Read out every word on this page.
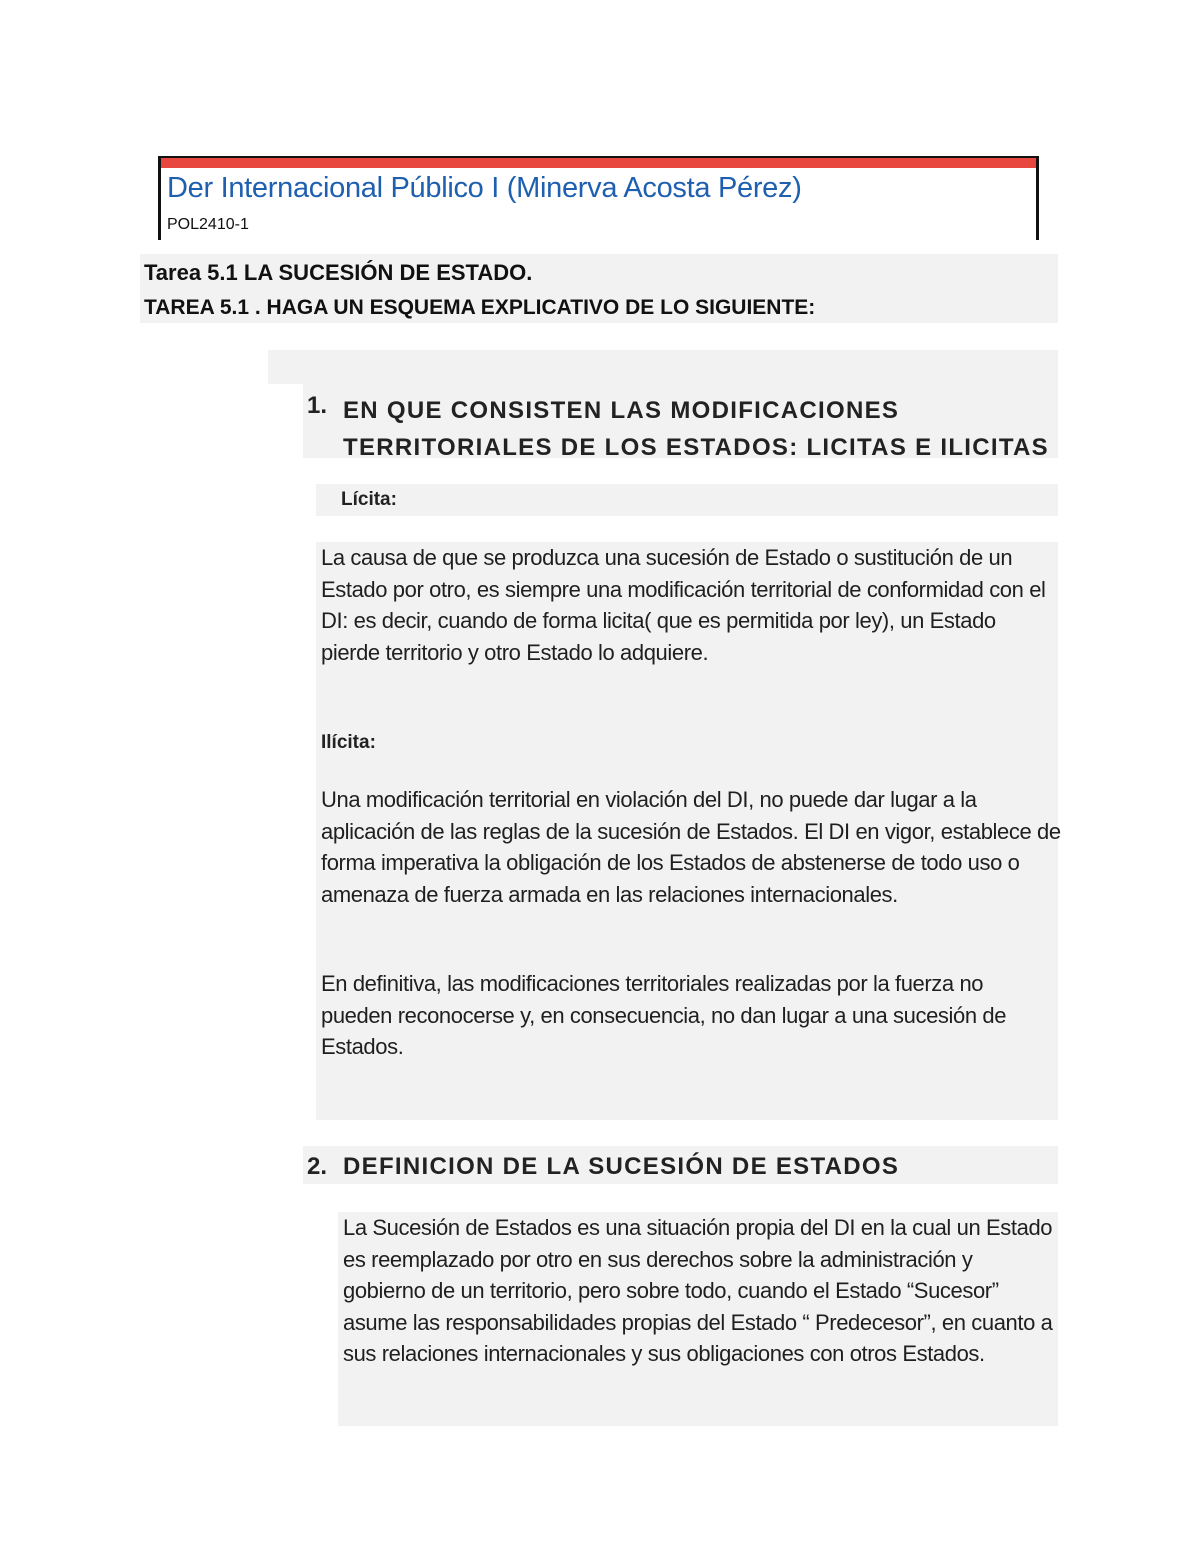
Der Internacional Público I (Minerva Acosta Pérez)
POL2410-1
Tarea 5.1 LA SUCESIÓN DE ESTADO.
TAREA 5.1 . HAGA UN ESQUEMA EXPLICATIVO DE LO SIGUIENTE:
1. EN QUE CONSISTEN LAS MODIFICACIONES TERRITORIALES DE LOS ESTADOS: LICITAS E ILICITAS
Lícita:
La causa de que se produzca una sucesión de Estado o sustitución de un Estado por otro, es siempre una modificación territorial de conformidad con el DI: es decir, cuando de forma licita( que es permitida por ley), un Estado pierde territorio y otro Estado lo adquiere.
Ilícita:
Una modificación territorial en violación del DI, no puede dar lugar a la aplicación de las reglas de la sucesión de Estados. El DI en vigor, establece de forma imperativa la obligación de los Estados de abstenerse de todo uso o amenaza de fuerza armada en las relaciones internacionales.
En definitiva, las modificaciones territoriales realizadas por la fuerza no pueden reconocerse y, en consecuencia, no dan lugar a una sucesión de Estados.
2. DEFINICION DE LA SUCESIÓN DE ESTADOS
La Sucesión de Estados es una situación propia del DI en la cual un Estado es reemplazado por otro en sus derechos sobre la administración y gobierno de un territorio, pero sobre todo, cuando el Estado “Sucesor” asume las responsabilidades propias del Estado “ Predecesor”, en cuanto a sus relaciones internacionales y sus obligaciones con otros Estados.
